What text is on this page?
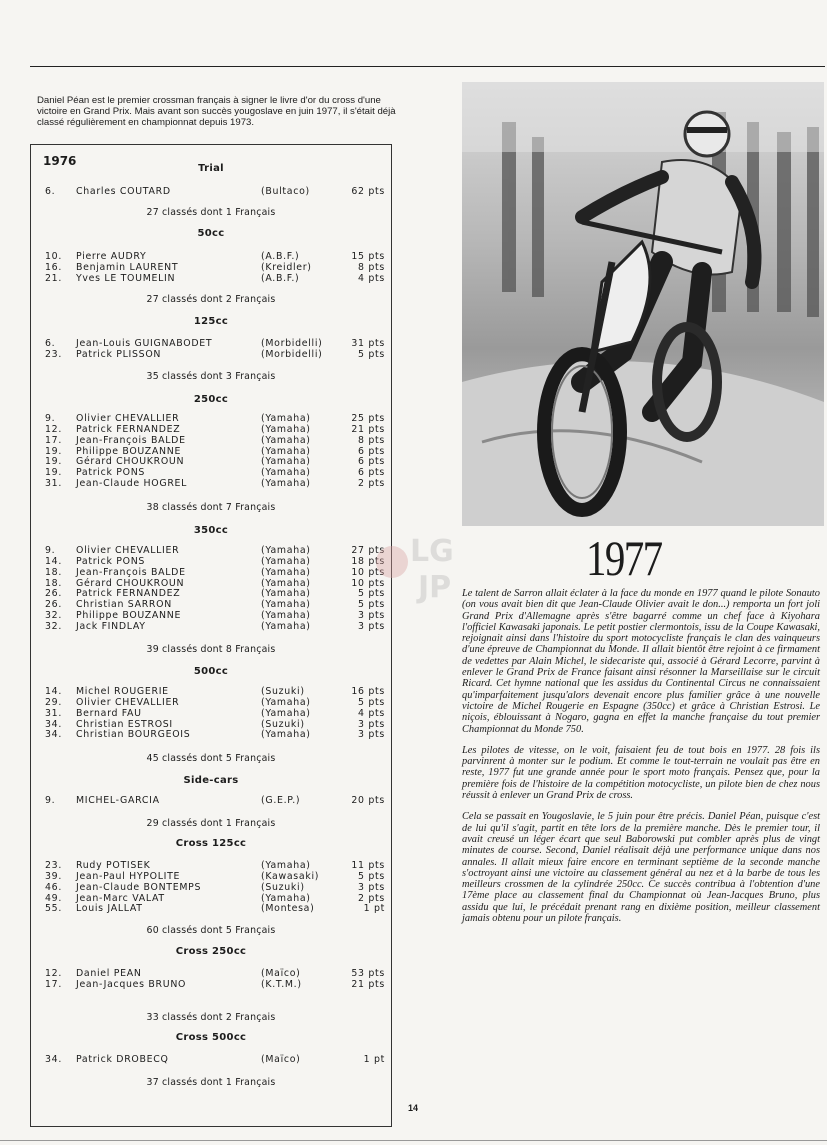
Daniel Péan est le premier crossman français à signer le livre d'or du cross d'une victoire en Grand Prix. Mais avant son succès yougoslave en juin 1977, il s'était déjà classé régulièrement en championnat depuis 1973.

1976
Trial
6. Charles COUTARD	(Bultaco)	62 pts
27 classés dont 1 Français
50cc
10. Pierre AUDRY	(A.B.F.)	15 pts
16. Benjamin LAURENT	(Kreidler)	8 pts
21. Yves LE TOUMELIN	(A.B.F.)	4 pts
27 classés dont 2 Français
125cc
6. Jean-Louis GUIGNABODET	(Morbidelli)	31 pts
23. Patrick PLISSON	(Morbidelli)	5 pts
35 classés dont 3 Français
250cc
9. Olivier CHEVALLIER	(Yamaha)	25 pts
12. Patrick FERNANDEZ	(Yamaha)	21 pts
17. Jean-François BALDE	(Yamaha)	8 pts
19. Philippe BOUZANNE	(Yamaha)	6 pts
19. Gérard CHOUKROUN	(Yamaha)	6 pts
19. Patrick PONS	(Yamaha)	6 pts
31. Jean-Claude HOGREL	(Yamaha)	2 pts
38 classés dont 7 Français
350cc
9. Olivier CHEVALLIER	(Yamaha)	27 pts
14. Patrick PONS	(Yamaha)	18 pts
18. Jean-François BALDE	(Yamaha)	10 pts
18. Gérard CHOUKROUN	(Yamaha)	10 pts
26. Patrick FERNANDEZ	(Yamaha)	5 pts
26. Christian SARRON	(Yamaha)	5 pts
32. Philippe BOUZANNE	(Yamaha)	3 pts
32. Jack FINDLAY	(Yamaha)	3 pts
39 classés dont 8 Français
500cc
14. Michel ROUGERIE	(Suzuki)	16 pts
29. Olivier CHEVALLIER	(Yamaha)	5 pts
31. Bernard FAU	(Yamaha)	4 pts
34. Christian ESTROSI	(Suzuki)	3 pts
34. Christian BOURGEOIS	(Yamaha)	3 pts
45 classés dont 5 Français
Side-cars
9. MICHEL-GARCIA	(G.E.P.)	20 pts
29 classés dont 1 Français
Cross 125cc
23. Rudy POTISEK	(Yamaha)	11 pts
39. Jean-Paul HYPOLITE	(Kawasaki)	5 pts
46. Jean-Claude BONTEMPS	(Suzuki)	3 pts
49. Jean-Marc VALAT	(Yamaha)	2 pts
55. Louis JALLAT	(Montesa)	1 pt
60 classés dont 5 Français
Cross 250cc
12. Daniel PEAN	(Maïco)	53 pts
17. Jean-Jacques BRUNO	(K.T.M.)	21 pts
33 classés dont 2 Français
Cross 500cc
34. Patrick DROBECQ	(Maïco)	1 pt
37 classés dont 1 Français
LG
JP
1977

Le talent de Sarron allait éclater à la face du monde en 1977 quand le pilote Sonauto (on vous avait bien dit que Jean-Claude Olivier avait le don...) remporta un fort joli Grand Prix d'Allemagne après s'être bagarré comme un chef face à Kiyohara l'officiel Kawasaki japonais. Le petit postier clermontois, issu de la Coupe Kawasaki, rejoignait ainsi dans l'histoire du sport motocycliste français le clan des vainqueurs d'une épreuve de Championnat du Monde. Il allait bientôt être rejoint à ce firmament de vedettes par Alain Michel, le sidecariste qui, associé à Gérard Lecorre, parvint à enlever le Grand Prix de France faisant ainsi résonner la Marseillaise sur le circuit Ricard. Cet hymne national que les assidus du Continental Circus ne connaissaient qu'imparfaitement jusqu'alors devenait encore plus familier grâce à une nouvelle victoire de Michel Rougerie en Espagne (350cc) et grâce à Christian Estrosi. Le niçois, éblouissant à Nogaro, gagna en effet la manche française du tout premier Championnat du Monde 750.

Les pilotes de vitesse, on le voit, faisaient feu de tout bois en 1977. 28 fois ils parvinrent à monter sur le podium. Et comme le tout-terrain ne voulait pas être en reste, 1977 fut une grande année pour le sport moto français. Pensez que, pour la première fois de l'histoire de la compétition motocycliste, un pilote bien de chez nous réussit à enlever un Grand Prix de cross.

Cela se passait en Yougoslavie, le 5 juin pour être précis. Daniel Péan, puisque c'est de lui qu'il s'agit, partit en tête lors de la première manche. Dès le premier tour, il avait creusé un léger écart que seul Baborowski put combler après plus de vingt minutes de course. Second, Daniel réalisait déjà une performance unique dans nos annales. Il allait mieux faire encore en terminant septième de la seconde manche s'octroyant ainsi une victoire au classement général au nez et à la barbe de tous les meilleurs crossmen de la cylindrée 250cc. Ce succès contribua à l'obtention d'une 17ème place au classement final du Championnat où Jean-Jacques Bruno, plus assidu que lui, le précédait prenant rang en dixième position, meilleur classement jamais obtenu pour un pilote français.

14
